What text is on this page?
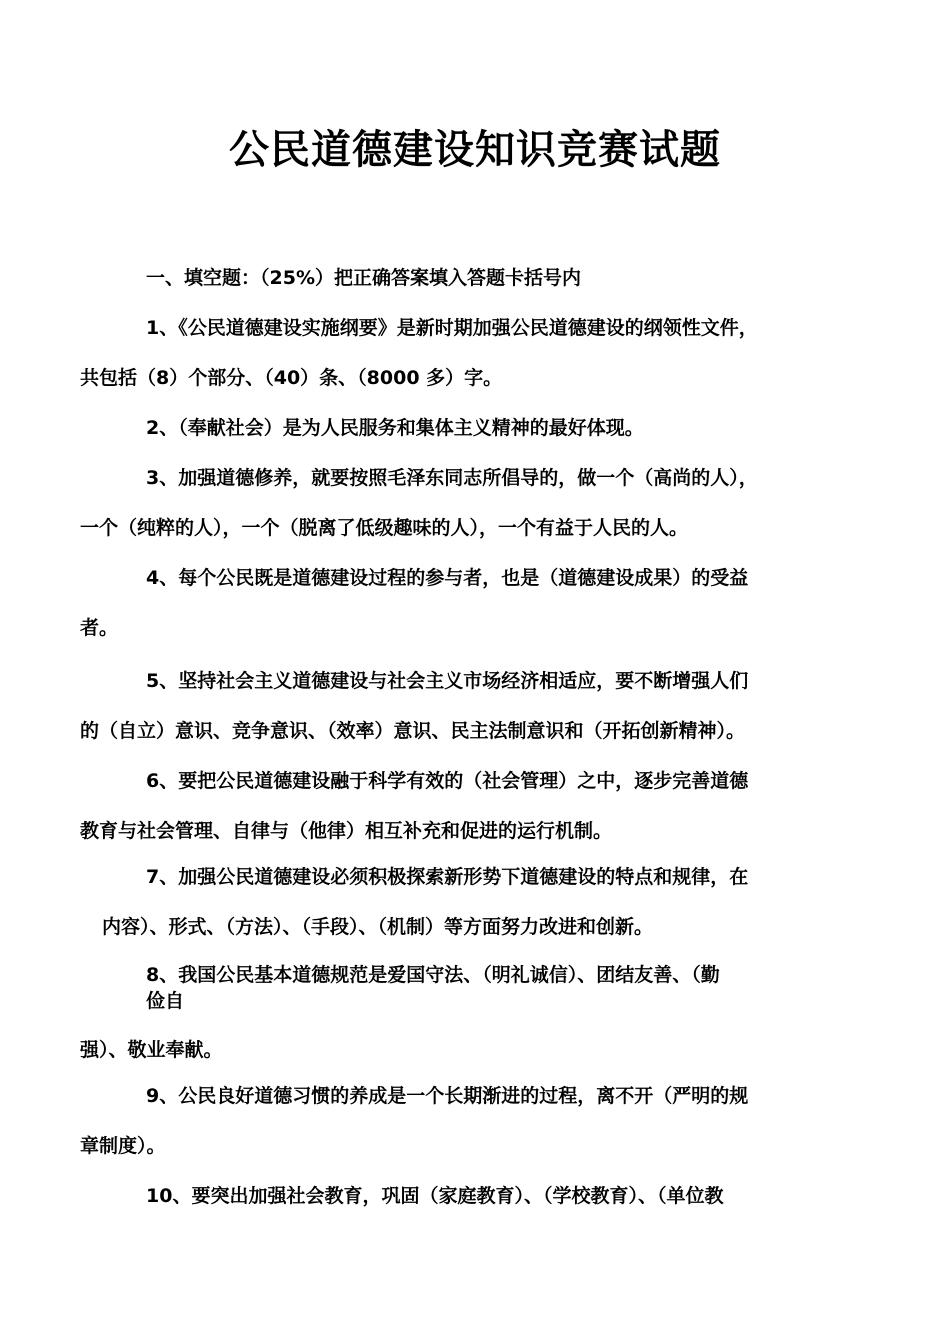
公民道德建设知识竞赛试题
一、填空题：（25%）把正确答案填入答题卡括号内
1、《公民道德建设实施纲要》是新时期加强公民道德建设的纲领性文件，
共包括（8）个部分、（40）条、（8000 多）字。
2、（奉献社会）是为人民服务和集体主义精神的最好体现。
3、加强道德修养，就要按照毛泽东同志所倡导的，做一个（高尚的人），
一个（纯粹的人），一个（脱离了低级趣味的人），一个有益于人民的人。
4、每个公民既是道德建设过程的参与者，也是（道德建设成果）的受益
者。
5、坚持社会主义道德建设与社会主义市场经济相适应，要不断增强人们
的（自立）意识、竞争意识、（效率）意识、民主法制意识和（开拓创新精神）。
6、要把公民道德建设融于科学有效的（社会管理）之中，逐步完善道德
教育与社会管理、自律与（他律）相互补充和促进的运行机制。
7、加强公民道德建设必须积极探索新形势下道德建设的特点和规律，在
内容）、形式、（方法）、（手段）、（机制）等方面努力改进和创新。
8、我国公民基本道德规范是爱国守法、（明礼诚信）、团结友善、（勤
俭自
强）、敬业奉献。
9、公民良好道德习惯的养成是一个长期渐进的过程，离不开（严明的规
章制度）。
10、要突出加强社会教育，巩固（家庭教育）、（学校教育）、（单位教
